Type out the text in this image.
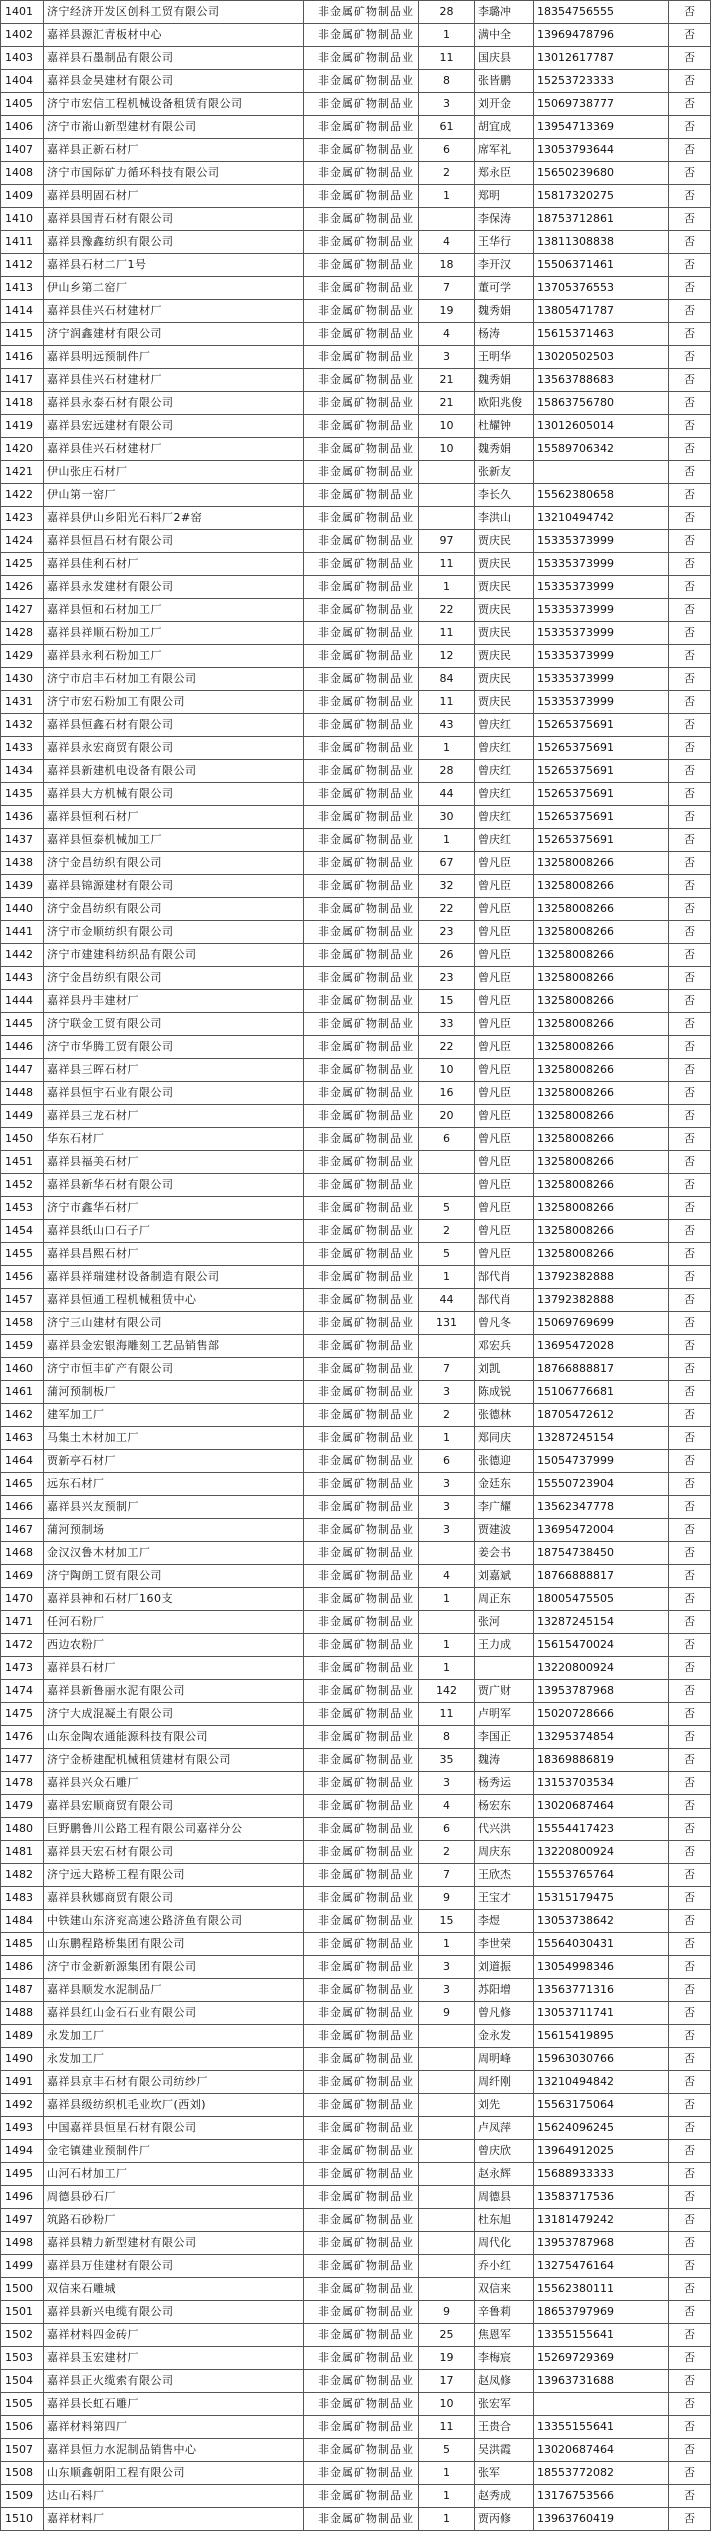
1401	济宁经济开发区创科工贸有限公司	非金属矿物制品业	28	李璐冲	18354756555	否
1402	嘉祥县源汇青板材中心	非金属矿物制品业	1	满中全	13969478796	否
1403	嘉祥县石墨制品有限公司	非金属矿物制品业	11	国庆县	13012617787	否
1404	嘉祥县金昊建材有限公司	非金属矿物制品业	8	张皆鹏	15253723333	否
1405	济宁市宏信工程机械设备租赁有限公司	非金属矿物制品业	3	刘开金	15069738777	否
1406	济宁市嵛山新型建材有限公司	非金属矿物制品业	61	胡宜成	13954713369	否
1407	嘉祥县正新石材厂	非金属矿物制品业	6	席军礼	13053793644	否
1408	济宁市国际矿力循环科技有限公司	非金属矿物制品业	2	郑永臣	15650239680	否
1409	嘉祥县明固石材厂	非金属矿物制品业	1	郑明	15817320275	否
1410	嘉祥县国青石材有限公司	非金属矿物制品业		李保涛	18753712861	否
1411	嘉祥县豫鑫纺织有限公司	非金属矿物制品业	4	王华行	13811308838	否
1412	嘉祥县石材二厂1号	非金属矿物制品业	18	李开汉	15506371461	否
1413	伊山乡第二窑厂	非金属矿物制品业	7	董可学	13705376553	否
1414	嘉祥县佳兴石材建材厂	非金属矿物制品业	19	魏秀娟	13805471787	否
1415	济宁润鑫建材有限公司	非金属矿物制品业	4	杨涛	15615371463	否
1416	嘉祥县明远预制件厂	非金属矿物制品业	3	王明华	13020502503	否
1417	嘉祥县佳兴石材建材厂	非金属矿物制品业	21	魏秀娟	13563788683	否
1418	嘉祥县永泰石材有限公司	非金属矿物制品业	21	欧阳兆俊	15863756780	否
1419	嘉祥县宏远建材有限公司	非金属矿物制品业	10	杜耀钟	13012605014	否
1420	嘉祥县佳兴石材建材厂	非金属矿物制品业	10	魏秀娟	15589706342	否
1421	伊山张庄石材厂	非金属矿物制品业		张新友		否
1422	伊山第一窑厂	非金属矿物制品业		李长久	15562380658	否
1423	嘉祥县伊山乡阳光石料厂2#窑	非金属矿物制品业		李洪山	13210494742	否
1424	嘉祥县恒昌石材有限公司	非金属矿物制品业	97	贾庆民	15335373999	否
1425	嘉祥县佳利石材厂	非金属矿物制品业	11	贾庆民	15335373999	否
1426	嘉祥县永发建材有限公司	非金属矿物制品业	1	贾庆民	15335373999	否
1427	嘉祥县恒和石材加工厂	非金属矿物制品业	22	贾庆民	15335373999	否
1428	嘉祥县祥顺石粉加工厂	非金属矿物制品业	11	贾庆民	15335373999	否
1429	嘉祥县永利石粉加工厂	非金属矿物制品业	12	贾庆民	15335373999	否
1430	济宁市启丰石材加工有限公司	非金属矿物制品业	84	贾庆民	15335373999	否
1431	济宁市宏石粉加工有限公司	非金属矿物制品业	11	贾庆民	15335373999	否
1432	嘉祥县恒鑫石材有限公司	非金属矿物制品业	43	曾庆红	15265375691	否
1433	嘉祥县永宏商贸有限公司	非金属矿物制品业	1	曾庆红	15265375691	否
1434	嘉祥县新建机电设备有限公司	非金属矿物制品业	28	曾庆红	15265375691	否
1435	嘉祥县大方机械有限公司	非金属矿物制品业	44	曾庆红	15265375691	否
1436	嘉祥县恒利石材厂	非金属矿物制品业	30	曾庆红	15265375691	否
1437	嘉祥县恒泰机械加工厂	非金属矿物制品业	1	曾庆红	15265375691	否
1438	济宁金昌纺织有限公司	非金属矿物制品业	67	曾凡臣	13258008266	否
1439	嘉祥县锦源建材有限公司	非金属矿物制品业	32	曾凡臣	13258008266	否
1440	济宁金昌纺织有限公司	非金属矿物制品业	22	曾凡臣	13258008266	否
1441	济宁市金顺纺织有限公司	非金属矿物制品业	23	曾凡臣	13258008266	否
1442	济宁市建建科纺织品有限公司	非金属矿物制品业	26	曾凡臣	13258008266	否
1443	济宁金昌纺织有限公司	非金属矿物制品业	23	曾凡臣	13258008266	否
1444	嘉祥县丹丰建材厂	非金属矿物制品业	15	曾凡臣	13258008266	否
1445	济宁联金工贸有限公司	非金属矿物制品业	33	曾凡臣	13258008266	否
1446	济宁市华腾工贸有限公司	非金属矿物制品业	22	曾凡臣	13258008266	否
1447	嘉祥县三晖石材厂	非金属矿物制品业	10	曾凡臣	13258008266	否
1448	嘉祥县恒宇石业有限公司	非金属矿物制品业	16	曾凡臣	13258008266	否
1449	嘉祥县三龙石材厂	非金属矿物制品业	20	曾凡臣	13258008266	否
1450	华东石材厂	非金属矿物制品业	6	曾凡臣	13258008266	否
1451	嘉祥县福美石材厂	非金属矿物制品业		曾凡臣	13258008266	否
1452	嘉祥县新华石材有限公司	非金属矿物制品业		曾凡臣	13258008266	否
1453	济宁市鑫华石材厂	非金属矿物制品业	5	曾凡臣	13258008266	否
1454	嘉祥县纸山口石子厂	非金属矿物制品业	2	曾凡臣	13258008266	否
1455	嘉祥县昌熙石材厂	非金属矿物制品业	5	曾凡臣	13258008266	否
1456	嘉祥县祥瑞建材设备制造有限公司	非金属矿物制品业	1	郜代肖	13792382888	否
1457	嘉祥县恒通工程机械租赁中心	非金属矿物制品业	44	郜代肖	13792382888	否
1458	济宁三山建材有限公司	非金属矿物制品业	131	曾凡冬	15069769699	否
1459	嘉祥县金宏银海雕刻工艺品销售部	非金属矿物制品业		邓宏兵	13695472028	否
1460	济宁市恒丰矿产有限公司	非金属矿物制品业	7	刘凯	18766888817	否
1461	蒲河预制板厂	非金属矿物制品业	3	陈成锐	15106776681	否
1462	建军加工厂	非金属矿物制品业	2	张德林	18705472612	否
1463	马集土木材加工厂	非金属矿物制品业	1	郑同庆	13287245154	否
1464	贾新亭石材厂	非金属矿物制品业	6	张德迎	15054737999	否
1465	远东石材厂	非金属矿物制品业	3	金廷东	15550723904	否
1466	嘉祥县兴友预制厂	非金属矿物制品业	3	李广耀	13562347778	否
1467	蒲河预制场	非金属矿物制品业	3	贾建波	13695472004	否
1468	金汉汉鲁木材加工厂	非金属矿物制品业		姜会书	18754738450	否
1469	济宁陶朗工贸有限公司	非金属矿物制品业	4	刘嘉斌	18766888817	否
1470	嘉祥县神和石材厂160支	非金属矿物制品业	1	周正东	18005475505	否
1471	任河石粉厂	非金属矿物制品业		张河	13287245154	否
1472	西边农粉厂	非金属矿物制品业	1	王力成	15615470024	否
1473	嘉祥县石材厂	非金属矿物制品业	1		13220800924	否
1474	嘉祥县新鲁丽水泥有限公司	非金属矿物制品业	142	贾广财	13953787968	否
1475	济宁大成混凝土有限公司	非金属矿物制品业	11	卢明军	15020728666	否
1476	山东金陶农通能源科技有限公司	非金属矿物制品业	8	李国正	13295374854	否
1477	济宁金桥建配机械租赁建材有限公司	非金属矿物制品业	35	魏涛	18369886819	否
1478	嘉祥县兴众石雕厂	非金属矿物制品业	3	杨秀运	13153703534	否
1479	嘉祥县宏顺商贸有限公司	非金属矿物制品业	4	杨宏东	13020687464	否
1480	巨野鹏鲁川公路工程有限公司嘉祥分公	非金属矿物制品业	6	代兴洪	15554417423	否
1481	嘉祥县天宏石材有限公司	非金属矿物制品业	2	周庆东	13220800924	否
1482	济宁远大路桥工程有限公司	非金属矿物制品业	7	王欣杰	15553765764	否
1483	嘉祥县秋娜商贸有限公司	非金属矿物制品业	9	王宝才	15315179475	否
1484	中铁建山东济兖高速公路济鱼有限公司	非金属矿物制品业	15	李煜	13053738642	否
1485	山东鹏程路桥集团有限公司	非金属矿物制品业	1	李世荣	15564030431	否
1486	济宁市金新新源集团有限公司	非金属矿物制品业	3	刘道振	13054998346	否
1487	嘉祥县顺发水泥制品厂	非金属矿物制品业	3	苏阳增	13563771316	否
1488	嘉祥县红山金石石业有限公司	非金属矿物制品业	9	曾凡修	13053711741	否
1489	永发加工厂	非金属矿物制品业		金永发	15615419895	否
1490	永发加工厂	非金属矿物制品业		周明峰	15963030766	否
1491	嘉祥县京丰石材有限公司纺纱厂	非金属矿物制品业		周纤刚	13210494842	否
1492	嘉祥县级纺织机毛业坎厂(西刘)	非金属矿物制品业		刘先	15563175064	否
1493	中国嘉祥县恒星石材有限公司	非金属矿物制品业		卢凤萍	15624096245	否
1494	金宅镇建业预制件厂	非金属矿物制品业		曾庆欣	13964912025	否
1495	山河石材加工厂	非金属矿物制品业		赵永辉	15688933333	否
1496	周德县砂石厂	非金属矿物制品业		周德县	13583717536	否
1497	筑路石砂粉厂	非金属矿物制品业		杜东旭	13181479242	否
1498	嘉祥县精力新型建材有限公司	非金属矿物制品业		周代化	13953787968	否
1499	嘉祥县万佳建材有限公司	非金属矿物制品业		乔小红	13275476164	否
1500	双信来石雕城	非金属矿物制品业		双信来	15562380111	否
1501	嘉祥县新兴电缆有限公司	非金属矿物制品业	9	辛鲁莉	18653797969	否
1502	嘉祥材料四金砖厂	非金属矿物制品业	25	焦恩军	13355155641	否
1503	嘉祥县玉宏建材厂	非金属矿物制品业	19	李梅宸	15269729369	否
1504	嘉祥县正火缆索有限公司	非金属矿物制品业	17	赵凤修	13963731688	否
1505	嘉祥县长虹石雕厂	非金属矿物制品业	10	张宏军		否
1506	嘉祥材料第四厂	非金属矿物制品业	11	王贵合	13355155641	否
1507	嘉祥县恒力水泥制品销售中心	非金属矿物制品业	5	吴洪霞	13020687464	否
1508	山东顺鑫朝阳工程有限公司	非金属矿物制品业	1	张军	18553772082	否
1509	达山石料厂	非金属矿物制品业	1	赵秀成	13176753566	否
1510	嘉祥材料厂	非金属矿物制品业	1	贾丙修	13963760419	否
